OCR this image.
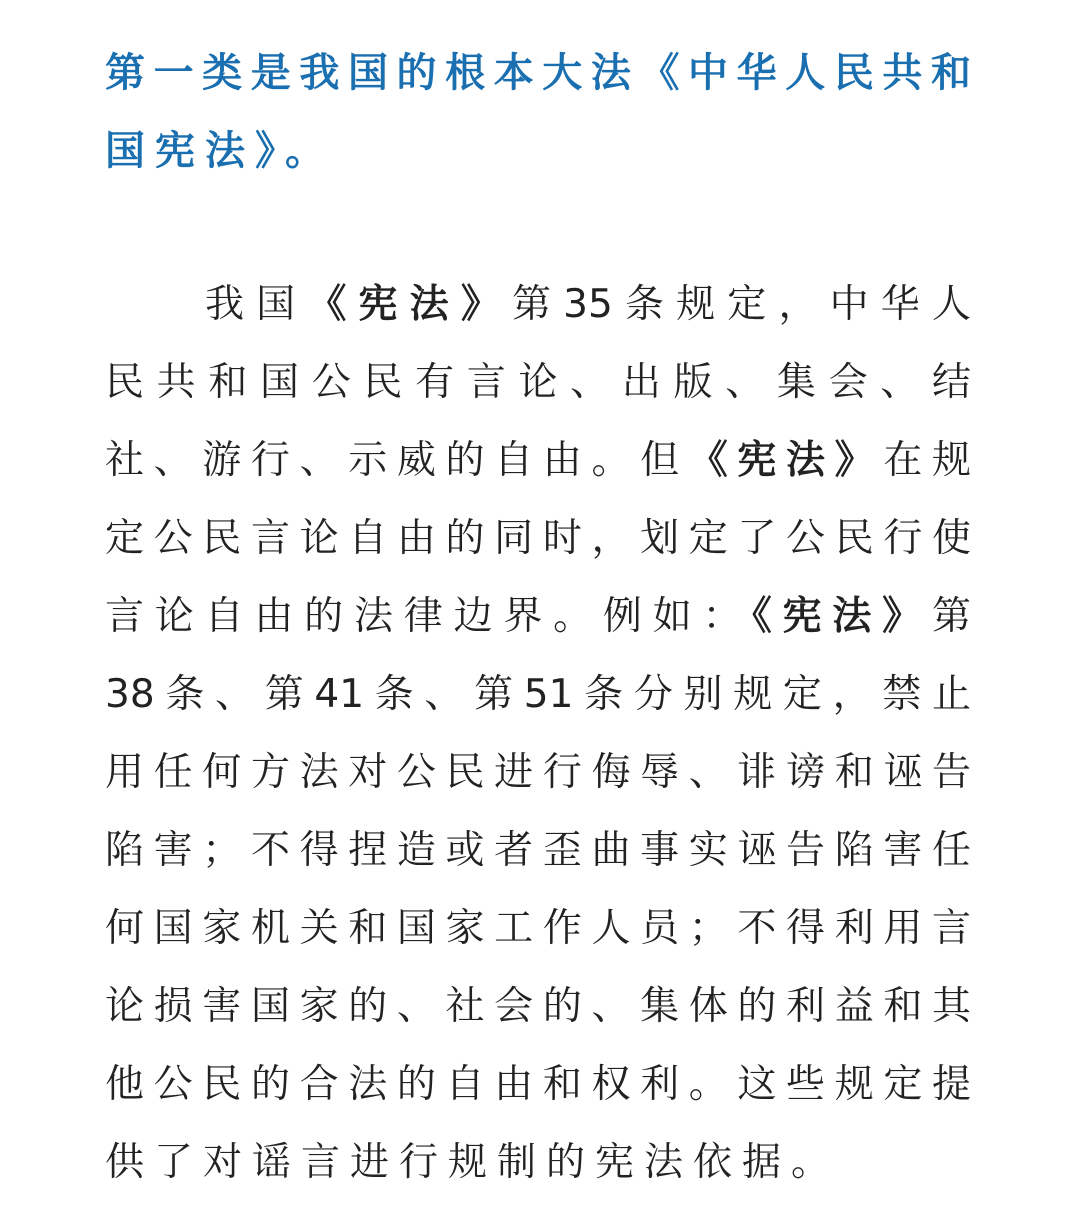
第一类是我国的根本大法《中华人民共和
国宪法》。
我国《宪法》第35条规定，中华人
民共和国公民有言论、出版、集会、结
社、游行、示威的自由。但《宪法》在规
定公民言论自由的同时，划定了公民行使
言论自由的法律边界。例如：《宪法》第
38条、第41条、第51条分别规定，禁止
用任何方法对公民进行侮辱、诽谤和诬告
陷害；不得捏造或者歪曲事实诬告陷害任
何国家机关和国家工作人员；不得利用言
论损害国家的、社会的、集体的利益和其
他公民的合法的自由和权利。这些规定提
供了对谣言进行规制的宪法依据。
